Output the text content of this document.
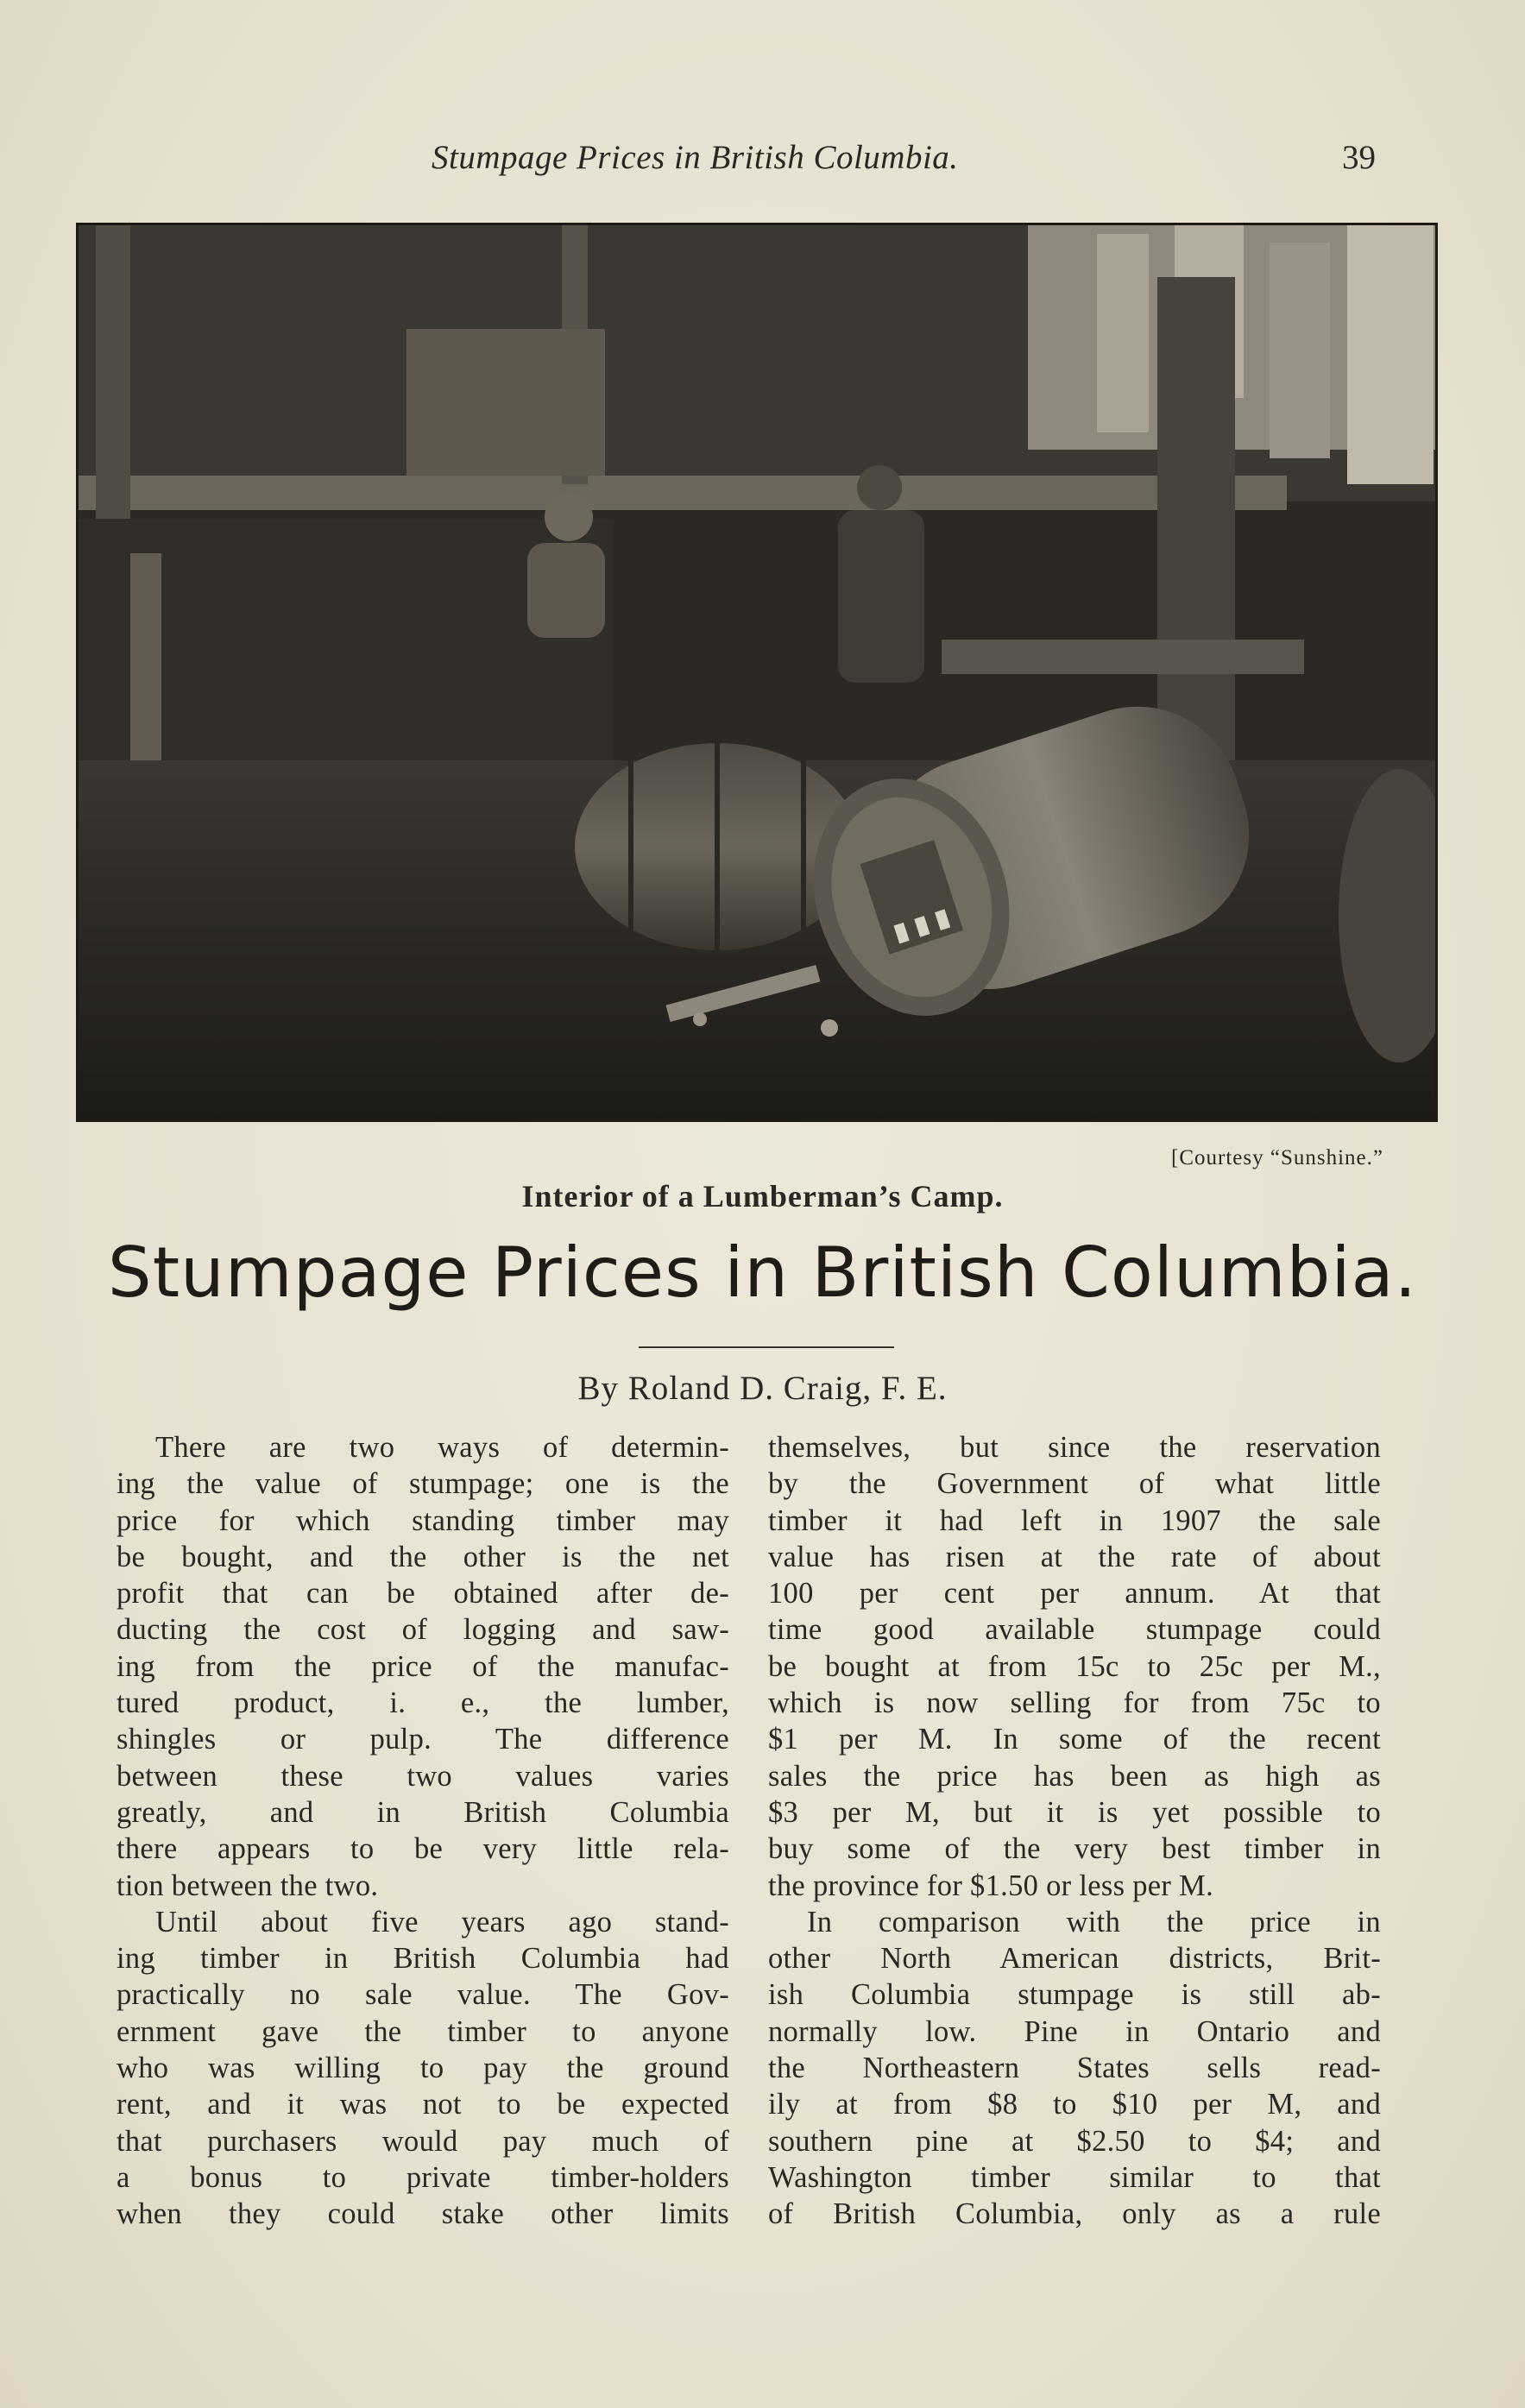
Stumpage Prices in British Columbia.	39
[Courtesy “Sunshine.”
Interior of a Lumberman’s Camp.
Stumpage Prices in British Columbia.
By Roland D. Craig, F. E.
There are two ways of determin-
ing the value of stumpage; one is the
price for which standing timber may
be bought, and the other is the net
profit that can be obtained after de-
ducting the cost of logging and saw-
ing from the price of the manufac-
tured product, i. e., the lumber,
shingles or pulp. The difference
between these two values varies
greatly, and in British Columbia
there appears to be very little rela-
tion between the two.
Until about five years ago stand-
ing timber in British Columbia had
practically no sale value. The Gov-
ernment gave the timber to anyone
who was willing to pay the ground
rent, and it was not to be expected
that purchasers would pay much of
a bonus to private timber-holders
when they could stake other limits
themselves, but since the reservation
by the Government of what little
timber it had left in 1907 the sale
value has risen at the rate of about
100 per cent per annum. At that
time good available stumpage could
be bought at from 15c to 25c per M.,
which is now selling for from 75c to
$1 per M. In some of the recent
sales the price has been as high as
$3 per M, but it is yet possible to
buy some of the very best timber in
the province for $1.50 or less per M.
In comparison with the price in
other North American districts, Brit-
ish Columbia stumpage is still ab-
normally low. Pine in Ontario and
the Northeastern States sells read-
ily at from $8 to $10 per M, and
southern pine at $2.50 to $4; and
Washington timber similar to that
of British Columbia, only as a rule
